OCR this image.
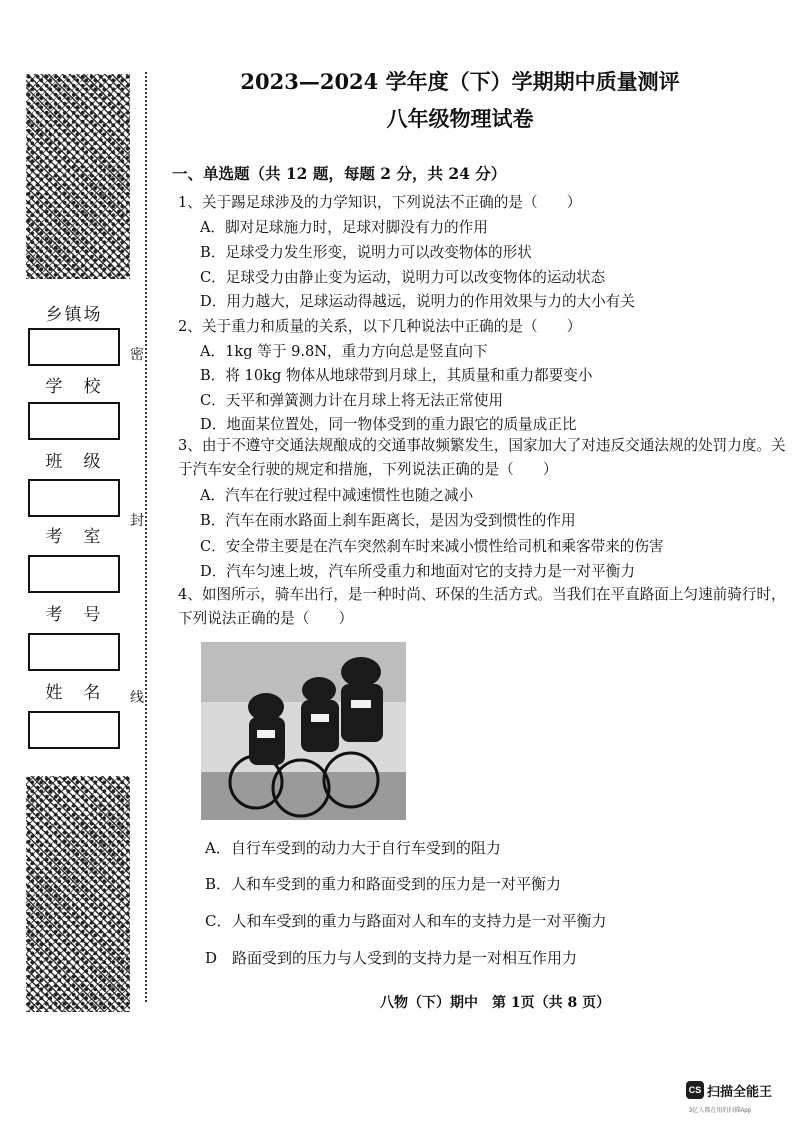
乡镇场
学　校
班　级
考　室
考　号
姓　名
密
封
线
2023—2024 学年度（下）学期期中质量测评
八年级物理试卷
一、单选题（共 12 题，每题 2 分，共 24 分）
1、关于踢足球涉及的力学知识，下列说法不正确的是（　　）
A．脚对足球施力时，足球对脚没有力的作用
B．足球受力发生形变，说明力可以改变物体的形状
C．足球受力由静止变为运动，说明力可以改变物体的运动状态
D．用力越大，足球运动得越远，说明力的作用效果与力的大小有关
2、关于重力和质量的关系，以下几种说法中正确的是（　　）
A．1kg 等于 9.8N，重力方向总是竖直向下
B．将 10kg 物体从地球带到月球上，其质量和重力都要变小
C．天平和弹簧测力计在月球上将无法正常使用
D．地面某位置处，同一物体受到的重力跟它的质量成正比
3、由于不遵守交通法规酿成的交通事故频繁发生，国家加大了对违反交通法规的处罚力度。关于汽车安全行驶的规定和措施，下列说法正确的是（　　）
A．汽车在行驶过程中减速惯性也随之减小
B．汽车在雨水路面上刹车距离长，是因为受到惯性的作用
C．安全带主要是在汽车突然刹车时来减小惯性给司机和乘客带来的伤害
D．汽车匀速上坡，汽车所受重力和地面对它的支持力是一对平衡力
4、如图所示，骑车出行，是一种时尚、环保的生活方式。当我们在平直路面上匀速前骑行时，下列说法正确的是（　　）
A．自行车受到的动力大于自行车受到的阻力
B．人和车受到的重力和路面受到的压力是一对平衡力
C．人和车受到的重力与路面对人和车的支持力是一对平衡力
D　路面受到的压力与人受到的支持力是一对相互作用力
八物（下）期中　第 1页（共 8 页）
CS 扫描全能王
3亿人都在用的扫描App
